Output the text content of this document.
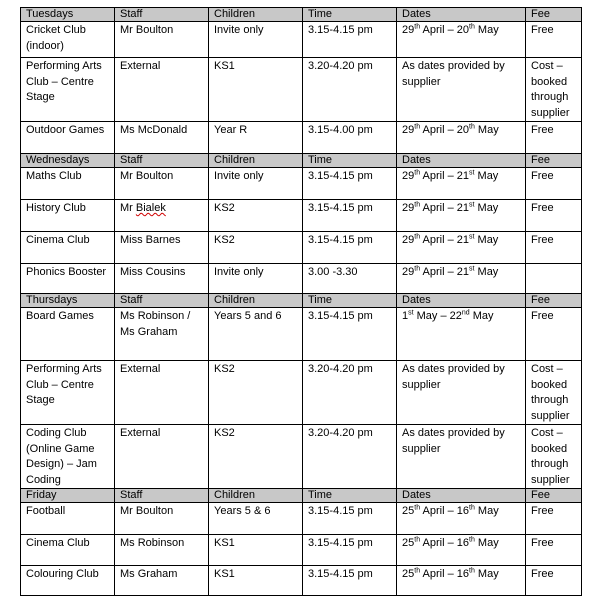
Tuesdays	Staff	Children	Time	Dates	Fee
Cricket Club (indoor)	Mr Boulton	Invite only	3.15-4.15 pm	29th April – 20th May	Free
Performing Arts Club – Centre Stage	External	KS1	3.20-4.20 pm	As dates provided by supplier	Cost – booked through supplier
Outdoor Games	Ms McDonald	Year R	3.15-4.00 pm	29th April – 20th May	Free
Wednesdays	Staff	Children	Time	Dates	Fee
Maths Club	Mr Boulton	Invite only	3.15-4.15 pm	29th April – 21st May	Free
History Club	Mr Bialek	KS2	3.15-4.15 pm	29th April – 21st May	Free
Cinema Club	Miss Barnes	KS2	3.15-4.15 pm	29th April – 21st May	Free
Phonics Booster	Miss Cousins	Invite only	3.00 -3.30	29th April – 21st May	
Thursdays	Staff	Children	Time	Dates	Fee
Board Games	Ms Robinson / Ms Graham	Years 5 and 6	3.15-4.15 pm	1st May – 22nd May	Free
Performing Arts Club – Centre Stage	External	KS2	3.20-4.20 pm	As dates provided by supplier	Cost – booked through supplier
Coding Club (Online Game Design) – Jam Coding	External	KS2	3.20-4.20 pm	As dates provided by supplier	Cost – booked through supplier
Friday	Staff	Children	Time	Dates	Fee
Football	Mr Boulton	Years 5 & 6	3.15-4.15 pm	25th April – 16th May	Free
Cinema Club	Ms Robinson	KS1	3.15-4.15 pm	25th April – 16th May	Free
Colouring Club	Ms Graham	KS1	3.15-4.15 pm	25th April – 16th May	Free
